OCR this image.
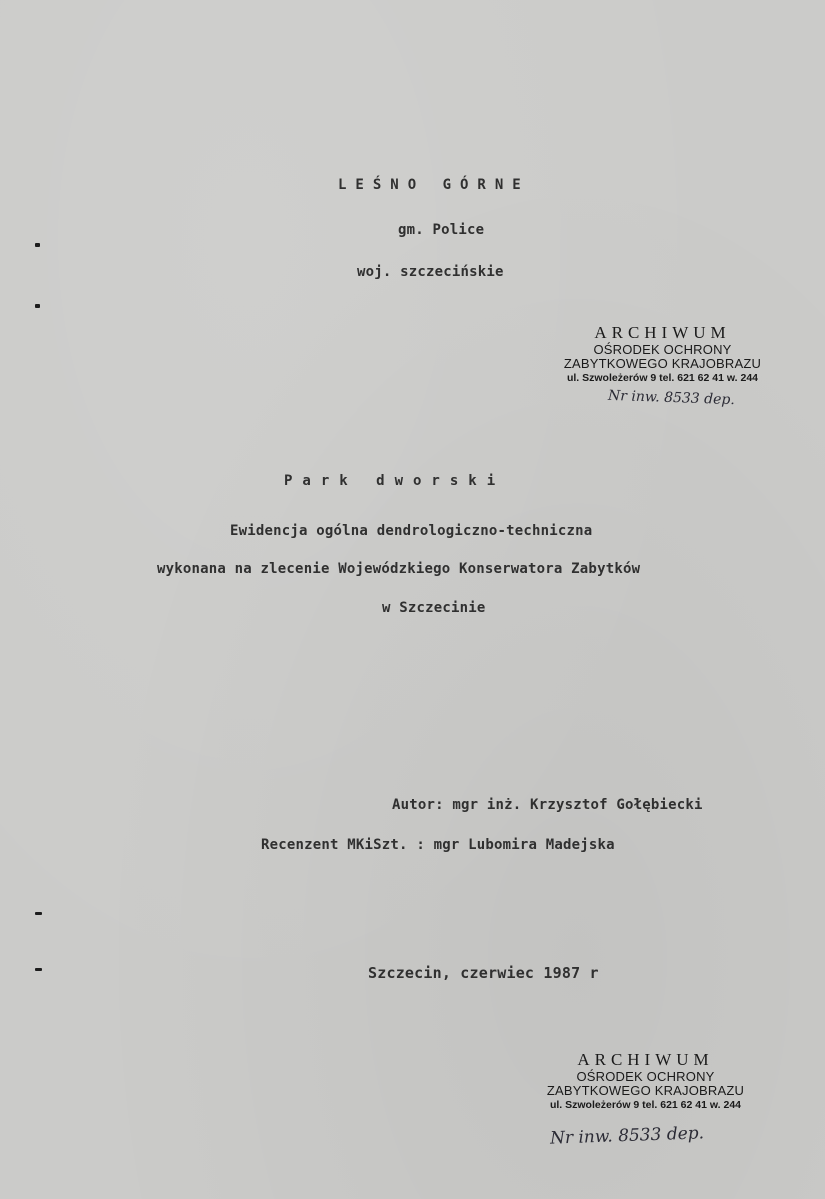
LEŚNO GÓRNE
gm. Police
woj. szczecińskie
ARCHIWUM
OŚRODEK OCHRONY
ZABYTKOWEGO KRAJOBRAZU
ul. Szwoleżerów 9 tel. 621 62 41 w. 244
Nr inw. 8533 dep.
Park dworski
Ewidencja ogólna dendrologiczno-techniczna
wykonana na zlecenie Wojewódzkiego Konserwatora Zabytków
w Szczecinie
Autor: mgr inż. Krzysztof Gołębiecki
Recenzent MKiSzt. : mgr Lubomira Madejska
Szczecin, czerwiec 1987 r
ARCHIWUM
OŚRODEK OCHRONY
ZABYTKOWEGO KRAJOBRAZU
ul. Szwoleżerów 9 tel. 621 62 41 w. 244
Nr inw. 8533 dep.
